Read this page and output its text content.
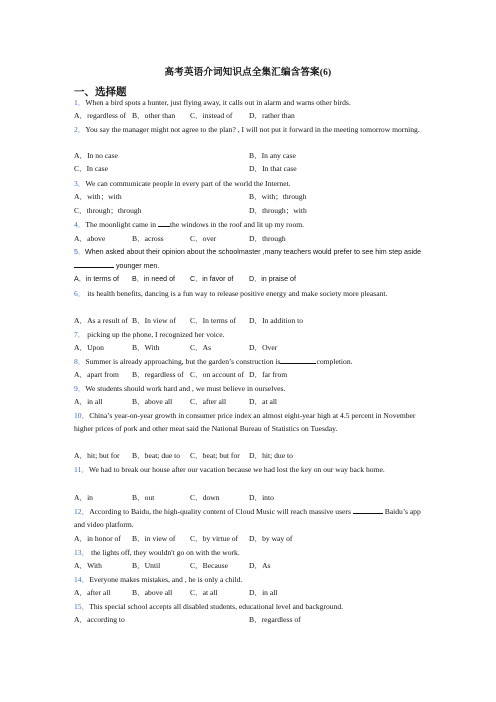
高考英语介词知识点全集汇编含答案(6)
一、选择题
1．When a bird spots a hunter, just flying away, it calls out in alarm and warns other birds.
A．regardless of B．other than C．instead of D．rather than
2．You say the manager might not agree to the plan? , I will not put it forward in the meeting tomorrow morning.
A．In no case	B．In any case
C．In case	D．In that case
3．We can communicate people in every part of the world the Internet.
A．with；with	B．with；through
C．through；through	D．through；with
4．The moonlight came in the windows in the roof and lit up my room.
A．above	B．across	C．over	D．through
5．When asked about their opinion about the schoolmaster ,many teachers would prefer to see him step aside  younger men.
A．in terms of B．in need of C．in favor of D．in praise of
6． its health benefits, dancing is a fun way to release positive energy and make society more pleasant.
A．As a result of B．In view of C．In terms of D．In addition to
7． picking up the phone, I recognized her voice.
A．Upon	B．With	C．As	D．Over
8．Summer is already approaching, but the garden’s construction is	completion.
A．apart from B．regardless of C．on account of D．far from
9．We students should work hard and , we must believe in ourselves.
A．in all	B．above all C．after all	D．at all
10．China’s year-on-year growth in consumer price index an almost eight-year high at 4.5 percent in November higher prices of pork and other meat said the National Bureau of Statistics on Tuesday.
A．hit; but for B．beat; due to C．beat; but for D．hit; due to
11．We had to break our house after our vacation because we had lost the key on our way back home.
A．in	B．out	C．down	D．into
12．According to Baidu, the high-quality content of Cloud Music will reach massive users	Baidu’s app and video platform.
A．in honor of B．in view of C．by virtue of D．by way of
13． the lights off, they wouldn't go on with the work.
A．With	B．Until	C．Because	D．As
14．Everyone makes mistakes, and , he is only a child.
A．after all	B．above all C．at all	D．in all
15．This special school accepts all disabled students, educational level and background.
A．according to	B．regardless of
